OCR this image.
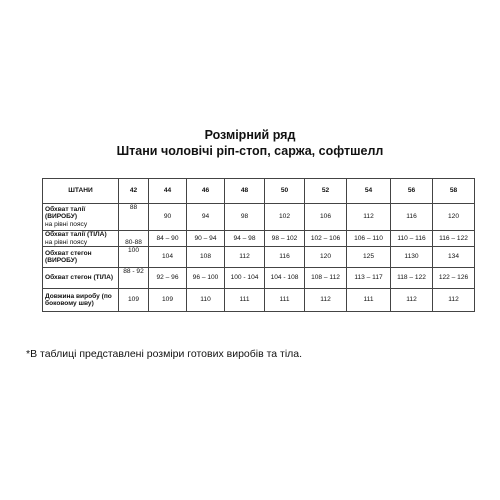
Розмірний ряд
Штани чоловічі ріп-стоп, саржа, софтшелл
ШТАНИ	42	44	46	48	50	52	54	56	58

Обхват талії (ВИРОБУ)
на рівні поясу	88	90	94	98	102	106	112	116	120

Обхват талії (ТІЛА)
на рівні поясу	80-88	84 – 90	90 – 94	94 – 98	98 – 102	102 – 106	106 – 110	110 – 116	116 – 122

Обхват стегон (ВИРОБУ)	100	104	108	112	116	120	125	1130	134

Обхват стегон (ТІЛА)	88 - 92	92 – 96	96 – 100	100 - 104	104 - 108	108 – 112	113 – 117	118 – 122	122 – 126

Довжина виробу (по боковому шву)	109	109	110	111	111	112	111	112	112
*В таблиці представлені розміри готових виробів та тіла.
